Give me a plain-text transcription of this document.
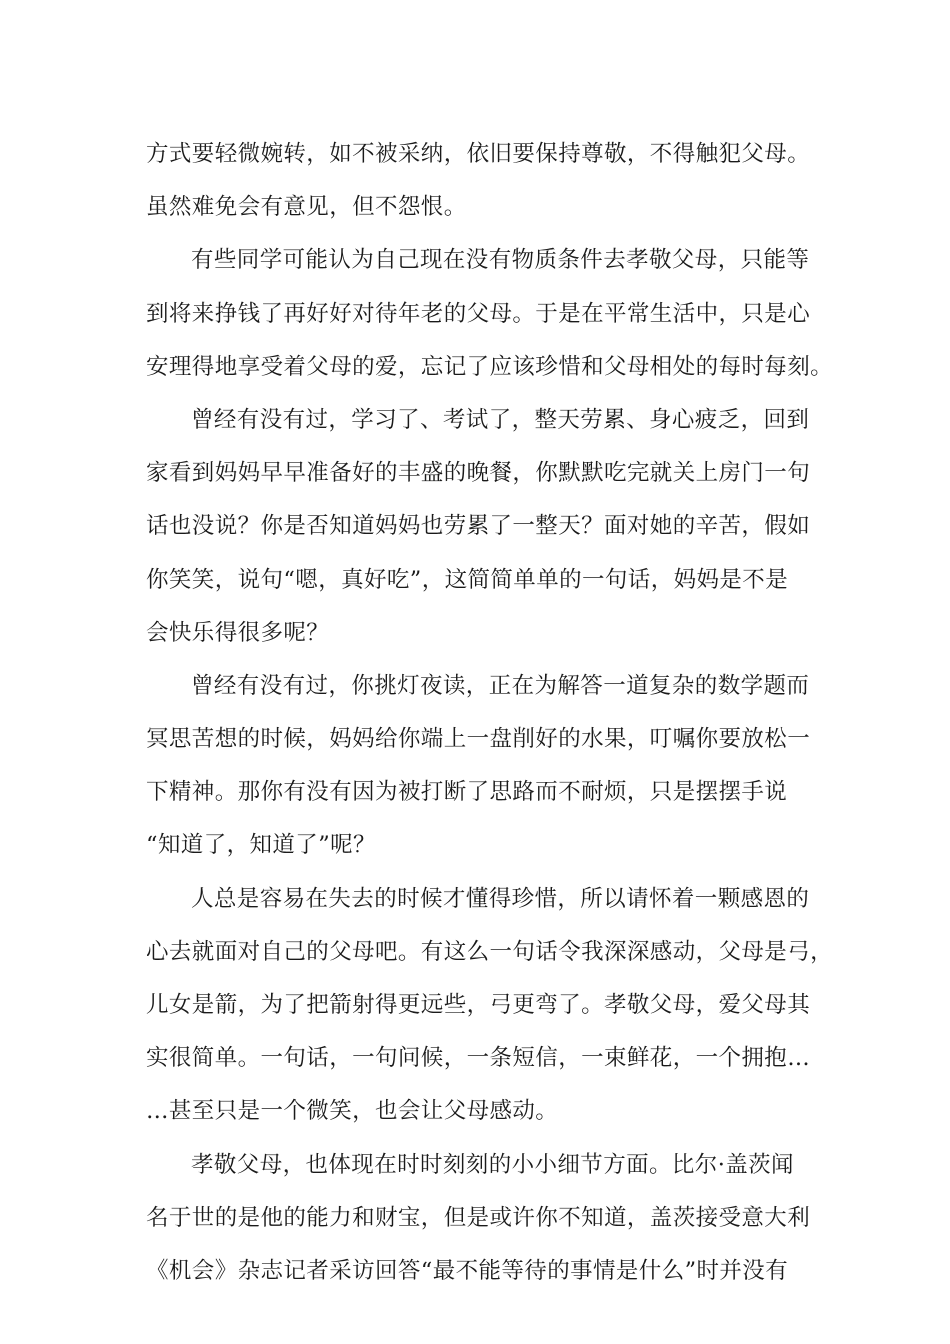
方式要轻微婉转，如不被采纳，依旧要保持尊敬，不得触犯父母。
虽然难免会有意见，但不怨恨。
有些同学可能认为自己现在没有物质条件去孝敬父母，只能等
到将来挣钱了再好好对待年老的父母。于是在平常生活中，只是心
安理得地享受着父母的爱，忘记了应该珍惜和父母相处的每时每刻。
曾经有没有过，学习了、考试了，整天劳累、身心疲乏，回到
家看到妈妈早早准备好的丰盛的晚餐，你默默吃完就关上房门一句
话也没说？你是否知道妈妈也劳累了一整天？面对她的辛苦，假如
你笑笑，说句“嗯，真好吃”，这简简单单的一句话，妈妈是不是
会快乐得很多呢？
曾经有没有过，你挑灯夜读，正在为解答一道复杂的数学题而
冥思苦想的时候，妈妈给你端上一盘削好的水果，叮嘱你要放松一
下精神。那你有没有因为被打断了思路而不耐烦，只是摆摆手说
“知道了，知道了”呢？
人总是容易在失去的时候才懂得珍惜，所以请怀着一颗感恩的
心去就面对自己的父母吧。有这么一句话令我深深感动，父母是弓，
儿女是箭，为了把箭射得更远些，弓更弯了。孝敬父母，爱父母其
实很简单。一句话，一句问候，一条短信，一束鲜花，一个拥抱…
…甚至只是一个微笑，也会让父母感动。
孝敬父母，也体现在时时刻刻的小小细节方面。比尔·盖茨闻
名于世的是他的能力和财宝，但是或许你不知道，盖茨接受意大利
《机会》杂志记者采访回答“最不能等待的事情是什么”时并没有
